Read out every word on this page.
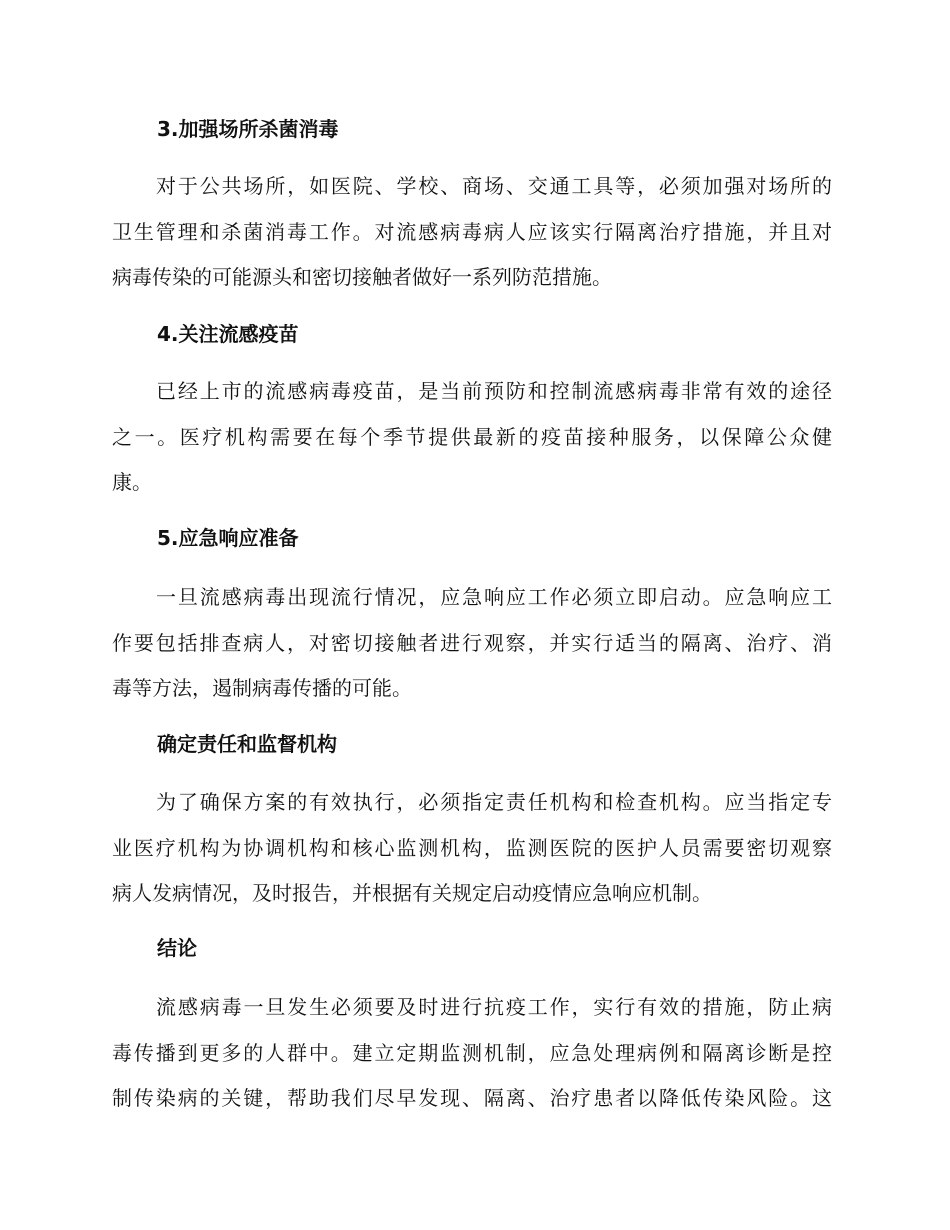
3.加强场所杀菌消毒
对于公共场所，如医院、学校、商场、交通工具等，必须加强对场所的
卫生管理和杀菌消毒工作。对流感病毒病人应该实行隔离治疗措施，并且对
病毒传染的可能源头和密切接触者做好一系列防范措施。
4.关注流感疫苗
已经上市的流感病毒疫苗，是当前预防和控制流感病毒非常有效的途径
之一。医疗机构需要在每个季节提供最新的疫苗接种服务，以保障公众健
康。
5.应急响应准备
一旦流感病毒出现流行情况，应急响应工作必须立即启动。应急响应工
作要包括排查病人，对密切接触者进行观察，并实行适当的隔离、治疗、消
毒等方法，遏制病毒传播的可能。
确定责任和监督机构
为了确保方案的有效执行，必须指定责任机构和检查机构。应当指定专
业医疗机构为协调机构和核心监测机构，监测医院的医护人员需要密切观察
病人发病情况，及时报告，并根据有关规定启动疫情应急响应机制。
结论
流感病毒一旦发生必须要及时进行抗疫工作，实行有效的措施，防止病
毒传播到更多的人群中。建立定期监测机制，应急处理病例和隔离诊断是控
制传染病的关键，帮助我们尽早发现、隔离、治疗患者以降低传染风险。这
